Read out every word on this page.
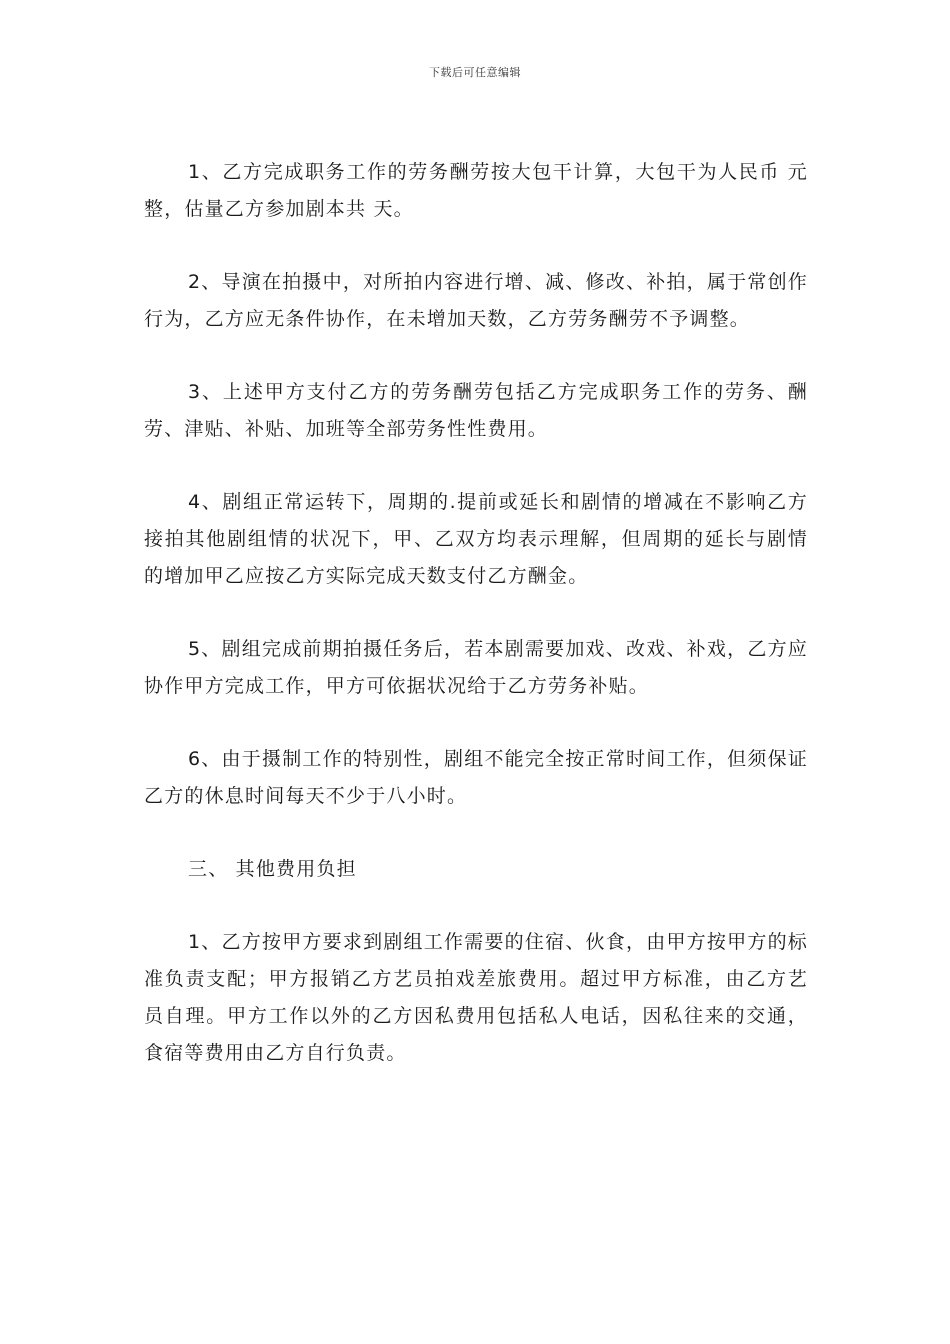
下载后可任意编辑

1、乙方完成职务工作的劳务酬劳按大包干计算，大包干为人民币 元整，估量乙方参加剧本共 天。

2、导演在拍摄中，对所拍内容进行增、减、修改、补拍，属于常创作行为，乙方应无条件协作，在未增加天数，乙方劳务酬劳不予调整。

3、上述甲方支付乙方的劳务酬劳包括乙方完成职务工作的劳务、酬劳、津贴、补贴、加班等全部劳务性性费用。

4、剧组正常运转下，周期的.提前或延长和剧情的增减在不影响乙方接拍其他剧组情的状况下，甲、乙双方均表示理解，但周期的延长与剧情的增加甲乙应按乙方实际完成天数支付乙方酬金。

5、剧组完成前期拍摄任务后，若本剧需要加戏、改戏、补戏，乙方应协作甲方完成工作，甲方可依据状况给于乙方劳务补贴。

6、由于摄制工作的特别性，剧组不能完全按正常时间工作，但须保证乙方的休息时间每天不少于八小时。

三、 其他费用负担

1、乙方按甲方要求到剧组工作需要的住宿、伙食，由甲方按甲方的标准负责支配；甲方报销乙方艺员拍戏差旅费用。超过甲方标准，由乙方艺员自理。甲方工作以外的乙方因私费用包括私人电话，因私往来的交通，食宿等费用由乙方自行负责。
